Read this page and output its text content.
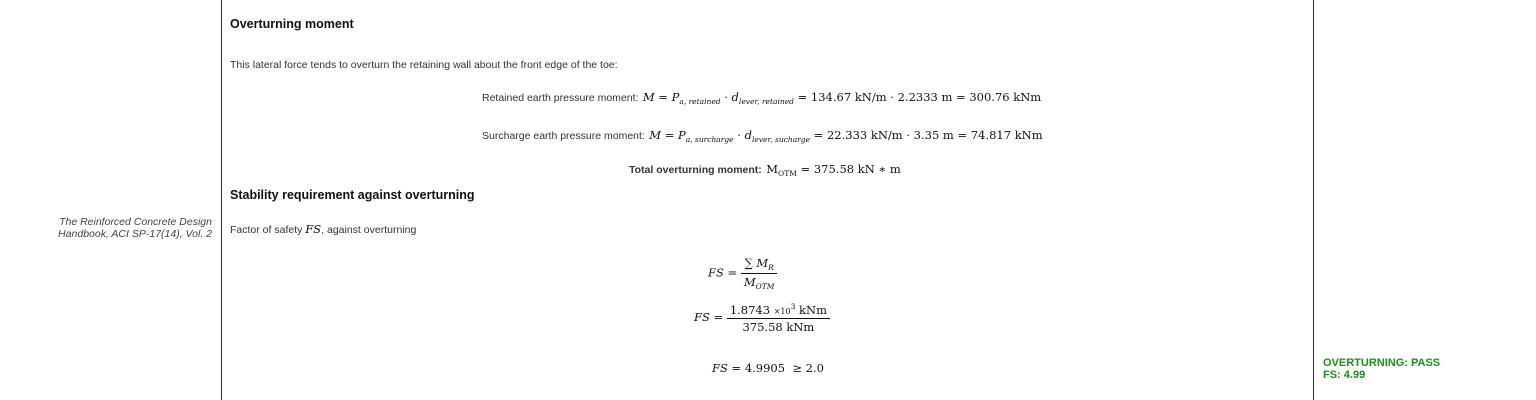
The Reinforced Concrete Design
Handbook, ACI SP-17(14), Vol. 2
Overturning moment
This lateral force tends to overturn the retaining wall about the front edge of the toe:
Retained earth pressure moment: $M = P_{a, retained} \cdot d_{lever, retained} = 134.67$ kN/m · 2.2333 m = 300.76 kNm
Surcharge earth pressure moment: $M = P_{a, surcharge} \cdot d_{lever, sucharge} = 22.333$ kN/m · 3.35 m = 74.817 kNm
Total overturning moment: $M_{OTM} = 375.58$ kN ∗ m
Stability requirement against overturning
Factor of safety FS, against overturning
FS = $\frac{\sum M_R}{M_{OTM}}$
FS = $\frac{1.8743 \times 10^3 kNm}{\text{375.58 kNm}}$
FS = 4.9905 ≥ 2.0	OVERTURNING: PASS
FS: 4.99
